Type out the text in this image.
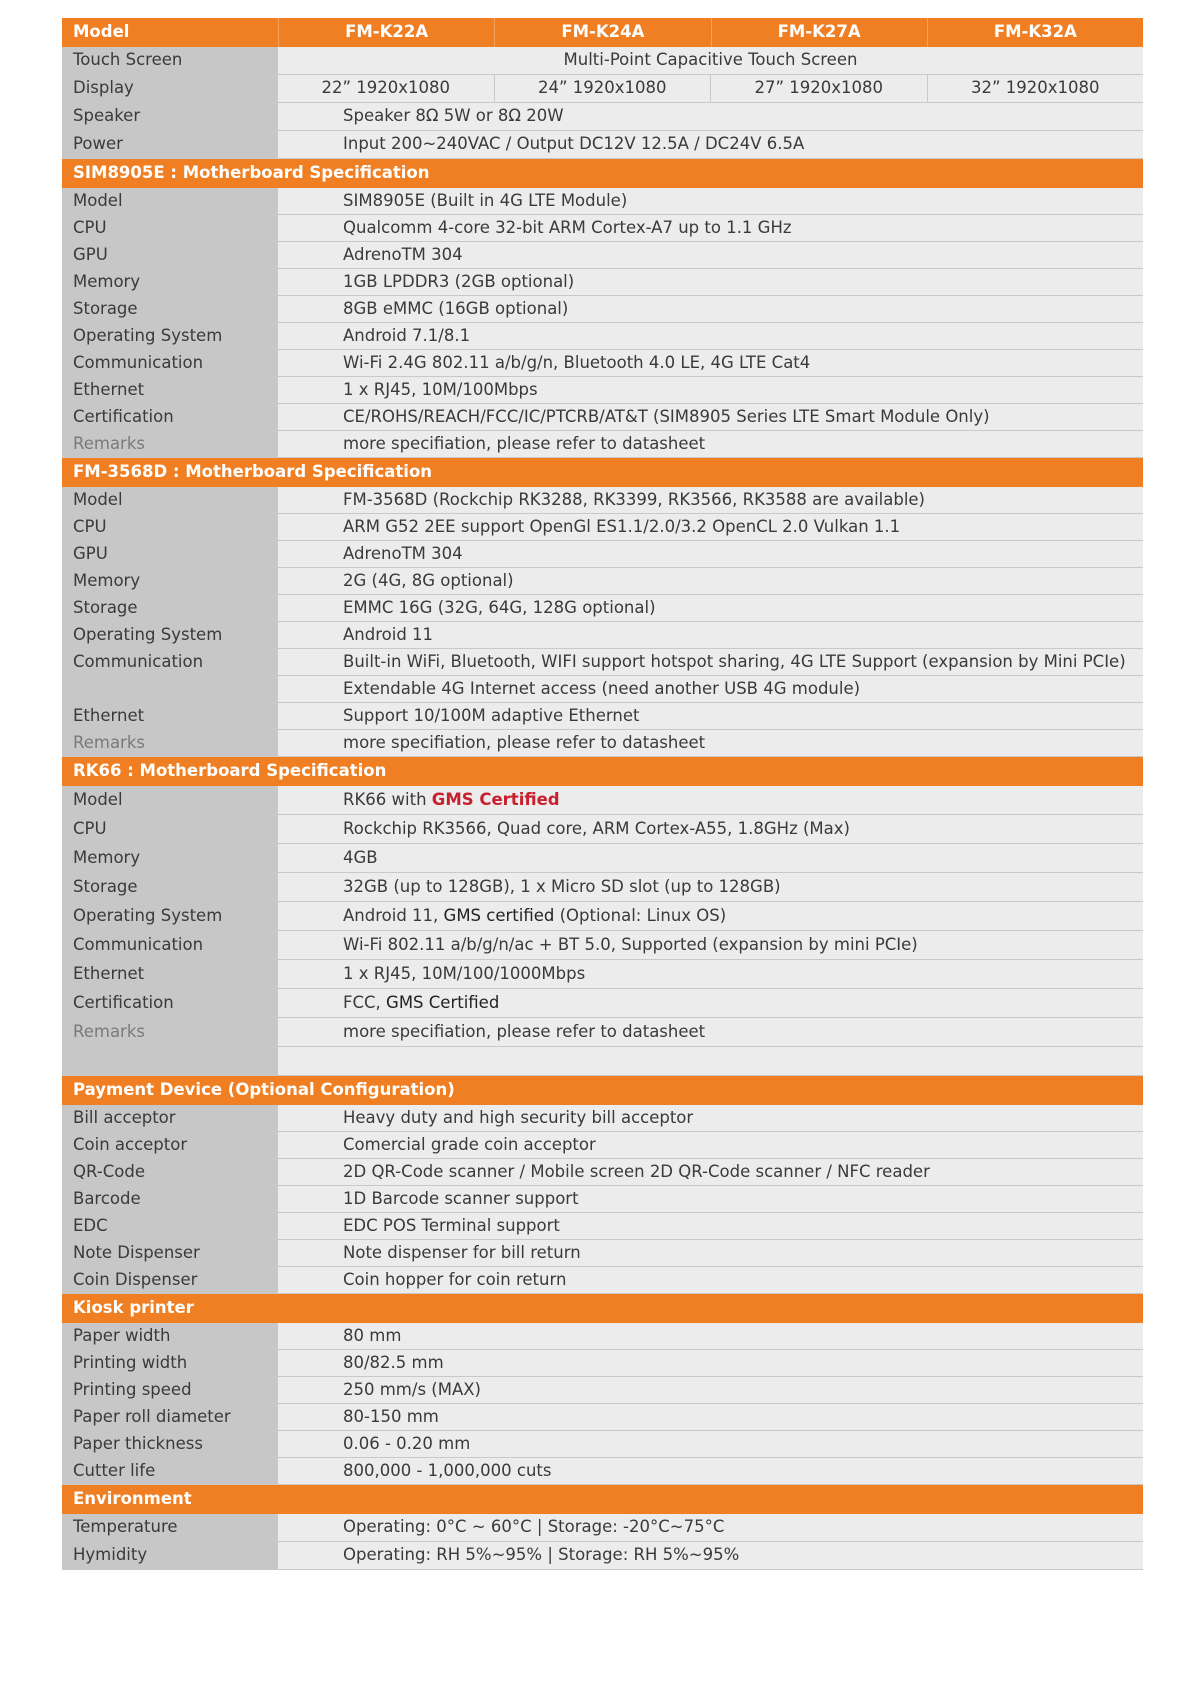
Model	FM-K22A	FM-K24A	FM-K27A	FM-K32A
Touch Screen	Multi-Point Capacitive Touch Screen
Display	22” 1920x1080	24” 1920x1080	27” 1920x1080	32” 1920x1080
Speaker	Speaker 8Ω 5W or 8Ω 20W
Power	Input 200~240VAC / Output DC12V 12.5A / DC24V 6.5A
SIM8905E : Motherboard Specification
Model	SIM8905E (Built in 4G LTE Module)
CPU	Qualcomm 4-core 32-bit ARM Cortex-A7 up to 1.1 GHz
GPU	AdrenoTM 304
Memory	1GB LPDDR3 (2GB optional)
Storage	8GB eMMC (16GB optional)
Operating System	Android 7.1/8.1
Communication	Wi-Fi 2.4G 802.11 a/b/g/n, Bluetooth 4.0 LE, 4G LTE Cat4
Ethernet	1 x RJ45, 10M/100Mbps
Certification	CE/ROHS/REACH/FCC/IC/PTCRB/AT&T (SIM8905 Series LTE Smart Module Only)
Remarks	more specifiation, please refer to datasheet
FM-3568D : Motherboard Specification
Model	FM-3568D (Rockchip RK3288, RK3399, RK3566, RK3588 are available)
CPU	ARM G52 2EE support OpenGl ES1.1/2.0/3.2 OpenCL 2.0 Vulkan 1.1
GPU	AdrenoTM 304
Memory	2G (4G, 8G optional)
Storage	EMMC 16G (32G, 64G, 128G optional)
Operating System	Android 11
Communication	Built-in WiFi, Bluetooth, WIFI support hotspot sharing, 4G LTE Support (expansion by Mini PCIe)
Extendable 4G Internet access (need another USB 4G module)
Ethernet	Support 10/100M adaptive Ethernet
Remarks	more specifiation, please refer to datasheet
RK66 : Motherboard Specification
Model	RK66 with GMS Certified
CPU	Rockchip RK3566, Quad core, ARM Cortex-A55, 1.8GHz (Max)
Memory	4GB
Storage	32GB (up to 128GB), 1 x Micro SD slot (up to 128GB)
Operating System	Android 11, GMS certified (Optional: Linux OS)
Communication	Wi-Fi 802.11 a/b/g/n/ac + BT 5.0, Supported (expansion by mini PCIe)
Ethernet	1 x RJ45, 10M/100/1000Mbps
Certification	FCC, GMS Certified
Remarks	more specifiation, please refer to datasheet
Payment Device (Optional Configuration)
Bill acceptor	Heavy duty and high security bill acceptor
Coin acceptor	Comercial grade coin acceptor
QR-Code	2D QR-Code scanner / Mobile screen 2D QR-Code scanner / NFC reader
Barcode	1D Barcode scanner support
EDC	EDC POS Terminal support
Note Dispenser	Note dispenser for bill return
Coin Dispenser	Coin hopper for coin return
Kiosk printer
Paper width	80 mm
Printing width	80/82.5 mm
Printing speed	250 mm/s (MAX)
Paper roll diameter	80-150 mm
Paper thickness	0.06 - 0.20 mm
Cutter life	800,000 - 1,000,000 cuts
Environment
Temperature	Operating: 0°C ~ 60°C | Storage: -20°C~75°C
Hymidity	Operating: RH 5%~95% | Storage: RH 5%~95%
